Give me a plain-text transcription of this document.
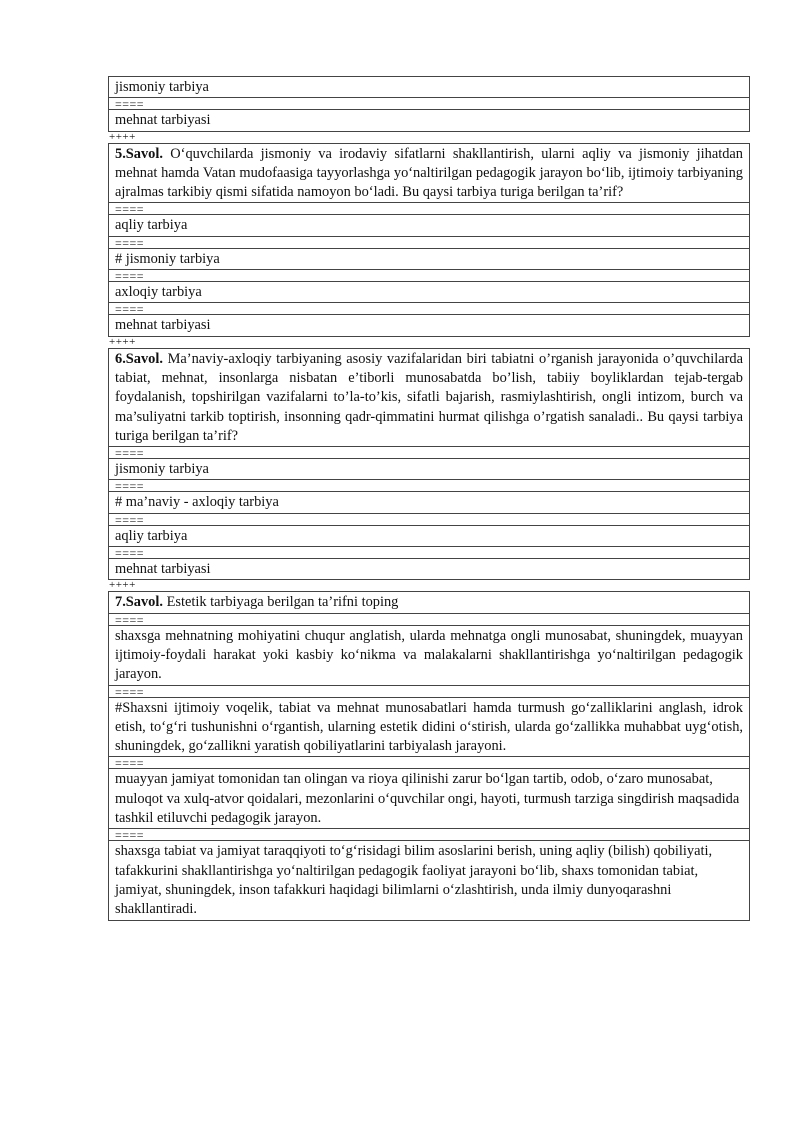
jismoniy tarbiya
====
mehnat tarbiyasi
++++
5.Savol. O‘quvchilarda jismoniy va irodaviy sifatlarni shakllantirish, ularni aqliy va jismoniy jihatdan mehnat hamda Vatan mudofaasiga tayyorlashga yo‘naltirilgan pedagogik jarayon bo‘lib, ijtimoiy tarbiyaning ajralmas tarkibiy qismi sifatida namoyon bo‘ladi. Bu qaysi tarbiya turiga berilgan ta’rif?
====
aqliy tarbiya
====
# jismoniy tarbiya
====
axloqiy tarbiya
====
mehnat tarbiyasi
++++
6.Savol. Ma’naviy-axloqiy tarbiyaning asosiy vazifalaridan biri tabiatni o’rganish jarayonida o’quvchilarda tabiat, mehnat, insonlarga nisbatan e’tiborli munosabatda bo’lish, tabiiy boyliklardan tejab-tergab foydalanish, topshirilgan vazifalarni to’la-to’kis, sifatli bajarish, rasmiylashtirish, ongli intizom, burch va ma’suliyatni tarkib toptirish, insonning qadr-qimmatini hurmat qilishga o’rgatish sanaladi.. Bu qaysi tarbiya turiga berilgan ta’rif?
====
jismoniy tarbiya
====
# ma’naviy - axloqiy tarbiya
====
aqliy tarbiya
====
mehnat tarbiyasi
++++
7.Savol. Estetik tarbiyaga berilgan ta’rifni toping
====
shaxsga mehnatning mohiyatini chuqur anglatish, ularda mehnatga ongli munosabat, shuningdek, muayyan ijtimoiy-foydali harakat yoki kasbiy ko‘nikma va malakalarni shakllantirishga yo‘naltirilgan pedagogik jarayon.
====
#Shaxsni ijtimoiy voqelik, tabiat va mehnat munosabatlari hamda turmush go‘zalliklarini anglash, idrok etish, to‘g‘ri tushunishni o‘rgantish, ularning estetik didini o‘stirish, ularda go‘zallikka muhabbat uyg‘otish, shuningdek, go‘zallikni yaratish qobiliyatlarini tarbiyalash jarayoni.
====
muayyan jamiyat tomonidan tan olingan va rioya qilinishi zarur bo‘lgan tartib, odob, o‘zaro munosabat, muloqot va xulq-atvor qoidalari, mezonlarini o‘quvchilar ongi, hayoti, turmush tarziga singdirish maqsadida tashkil etiluvchi pedagogik jarayon.
====
shaxsga tabiat va jamiyat taraqqiyoti to‘g‘risidagi bilim asoslarini berish, uning aqliy (bilish) qobiliyati, tafakkurini shakllantirishga yo‘naltirilgan pedagogik faoliyat jarayoni bo‘lib, shaxs tomonidan tabiat, jamiyat, shuningdek, inson tafakkuri haqidagi bilimlarni o‘zlashtirish, unda ilmiy dunyoqarashni shakllantiradi.
